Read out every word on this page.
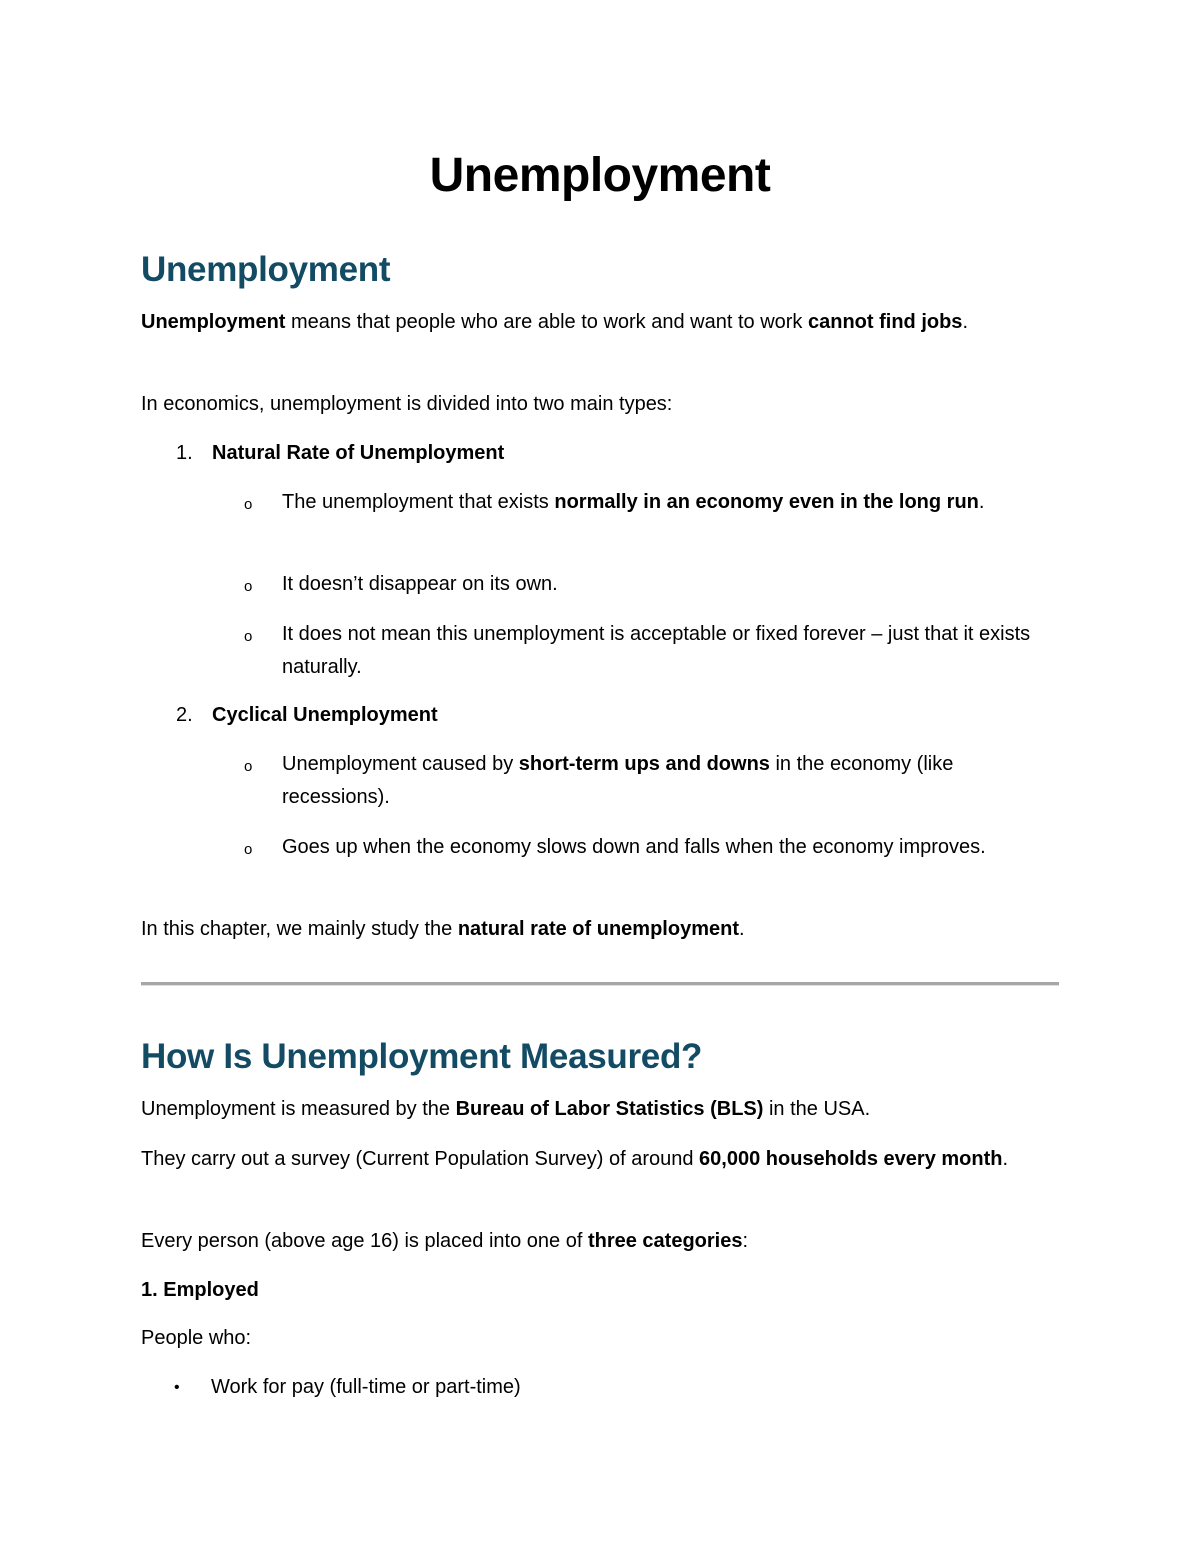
Unemployment
Unemployment
Unemployment means that people who are able to work and want to work cannot find jobs.
In economics, unemployment is divided into two main types:
1. Natural Rate of Unemployment
o The unemployment that exists normally in an economy even in the long run.
o It doesn’t disappear on its own.
o It does not mean this unemployment is acceptable or fixed forever – just that it exists naturally.
2. Cyclical Unemployment
o Unemployment caused by short-term ups and downs in the economy (like recessions).
o Goes up when the economy slows down and falls when the economy improves.
In this chapter, we mainly study the natural rate of unemployment.
How Is Unemployment Measured?
Unemployment is measured by the Bureau of Labor Statistics (BLS) in the USA.
They carry out a survey (Current Population Survey) of around 60,000 households every month.
Every person (above age 16) is placed into one of three categories:
1. Employed
People who:
•	Work for pay (full-time or part-time)
